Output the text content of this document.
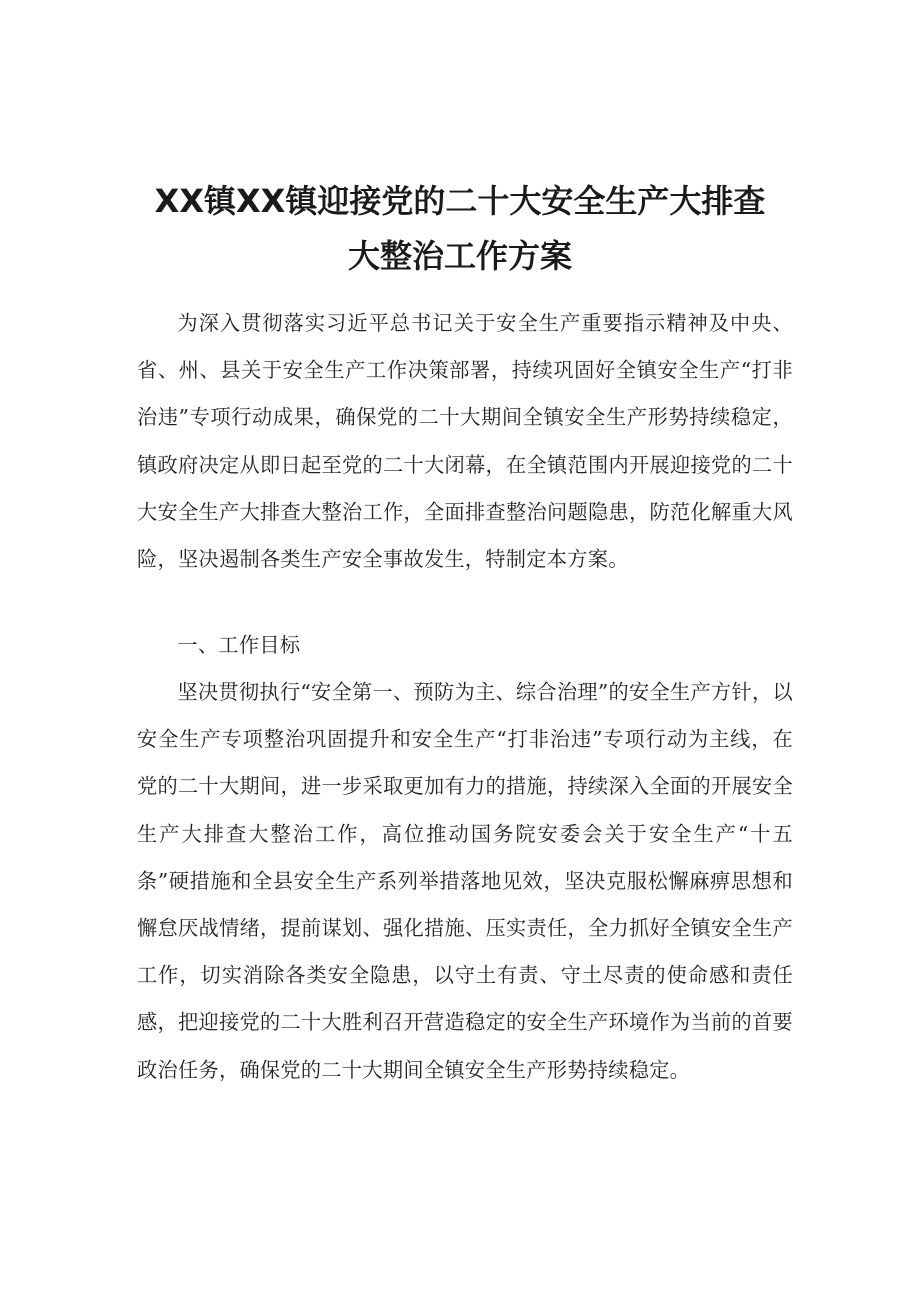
XX镇XX镇迎接党的二十大安全生产大排查
大整治工作方案

为深入贯彻落实习近平总书记关于安全生产重要指示精神及中央、省、州、县关于安全生产工作决策部署，持续巩固好全镇安全生产“打非治违”专项行动成果，确保党的二十大期间全镇安全生产形势持续稳定，镇政府决定从即日起至党的二十大闭幕，在全镇范围内开展迎接党的二十大安全生产大排查大整治工作，全面排查整治问题隐患，防范化解重大风险，坚决遏制各类生产安全事故发生，特制定本方案。

一、工作目标

坚决贯彻执行“安全第一、预防为主、综合治理”的安全生产方针，以安全生产专项整治巩固提升和安全生产“打非治违”专项行动为主线，在党的二十大期间，进一步采取更加有力的措施，持续深入全面的开展安全生产大排查大整治工作，高位推动国务院安委会关于安全生产“十五条”硬措施和全县安全生产系列举措落地见效，坚决克服松懈麻痹思想和懈怠厌战情绪，提前谋划、强化措施、压实责任，全力抓好全镇安全生产工作，切实消除各类安全隐患，以守土有责、守土尽责的使命感和责任感，把迎接党的二十大胜利召开营造稳定的安全生产环境作为当前的首要政治任务，确保党的二十大期间全镇安全生产形势持续稳定。
